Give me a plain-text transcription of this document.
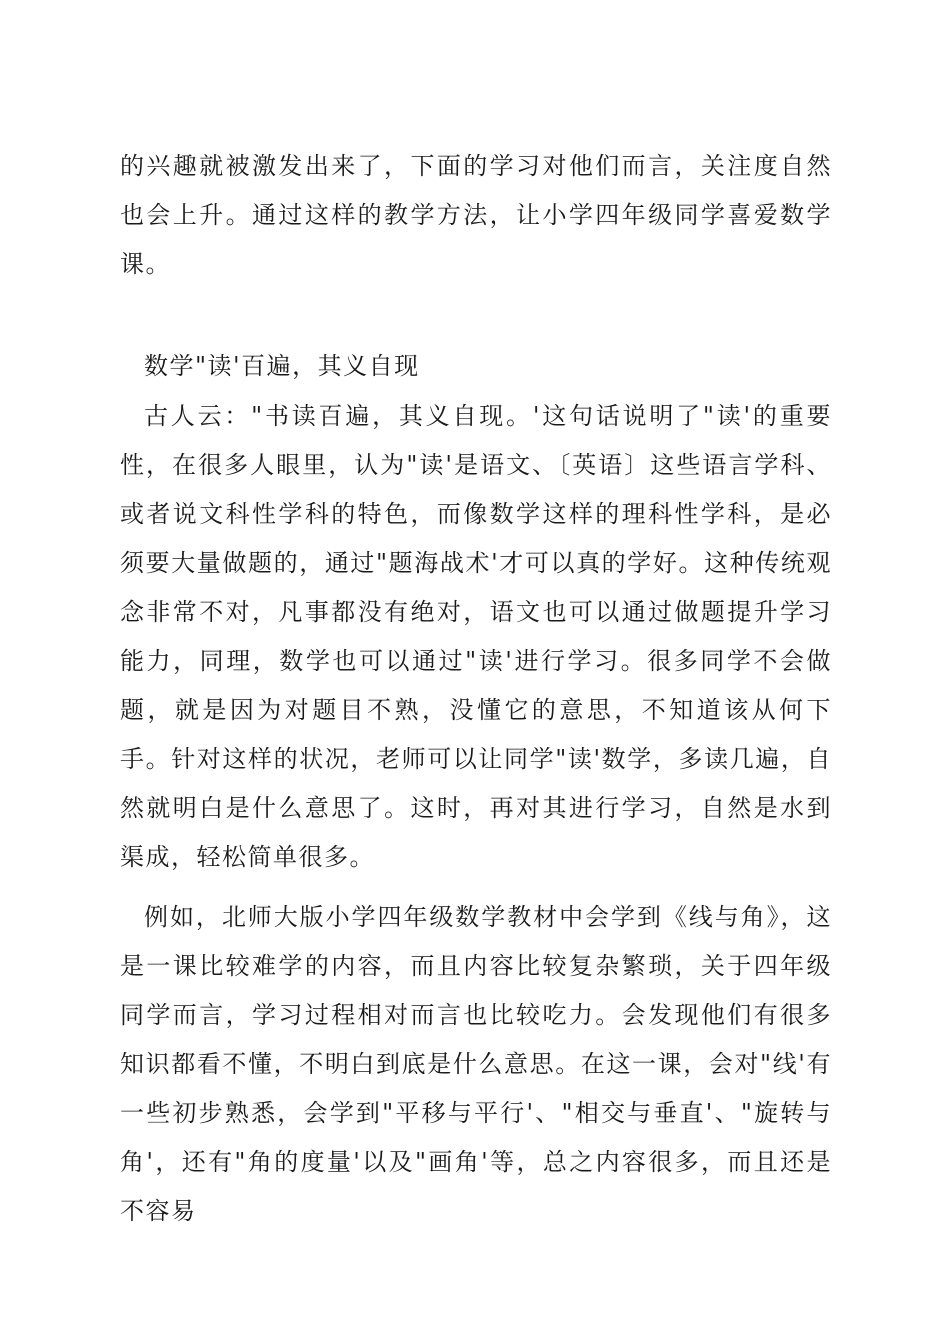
的兴趣就被激发出来了，下面的学习对他们而言，关注度自然也会上升。通过这样的教学方法，让小学四年级同学喜爱数学课。

数学"读'百遍，其义自现

古人云："书读百遍，其义自现。'这句话说明了"读'的重要性，在很多人眼里，认为"读'是语文、〔英语〕这些语言学科、或者说文科性学科的特色，而像数学这样的理科性学科，是必须要大量做题的，通过"题海战术'才可以真的学好。这种传统观念非常不对，凡事都没有绝对，语文也可以通过做题提升学习能力，同理，数学也可以通过"读'进行学习。很多同学不会做题，就是因为对题目不熟，没懂它的意思，不知道该从何下手。针对这样的状况，老师可以让同学"读'数学，多读几遍，自然就明白是什么意思了。这时，再对其进行学习，自然是水到渠成，轻松简单很多。

例如，北师大版小学四年级数学教材中会学到《线与角》，这是一课比较难学的内容，而且内容比较复杂繁琐，关于四年级同学而言，学习过程相对而言也比较吃力。会发现他们有很多知识都看不懂，不明白到底是什么意思。在这一课，会对"线'有一些初步熟悉，会学到"平移与平行'、"相交与垂直'、"旋转与角'，还有"角的度量'以及"画角'等，总之内容很多，而且还是不容易
